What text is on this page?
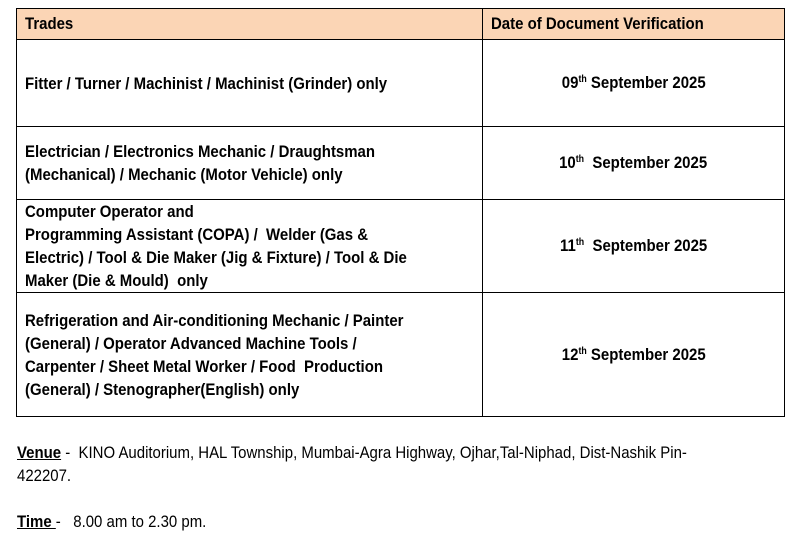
Trades	Date of Document Verification

Fitter / Turner / Machinist / Machinist (Grinder) only	09th September 2025

Electrician / Electronics Mechanic / Draughtsman
(Mechanical) / Mechanic (Motor Vehicle) only	10th  September 2025

Computer Operator and
Programming Assistant (COPA) /  Welder (Gas &
Electric) / Tool & Die Maker (Jig & Fixture) / Tool & Die
Maker (Die & Mould)  only	11th  September 2025

Refrigeration and Air-conditioning Mechanic / Painter
(General) / Operator Advanced Machine Tools /
Carpenter / Sheet Metal Worker / Food  Production
(General) / Stenographer(English) only	12th September 2025
Venue -  KINO Auditorium, HAL Township, Mumbai-Agra Highway, Ojhar,Tal-Niphad, Dist-Nashik Pin-
422207.
Time -   8.00 am to 2.30 pm.
